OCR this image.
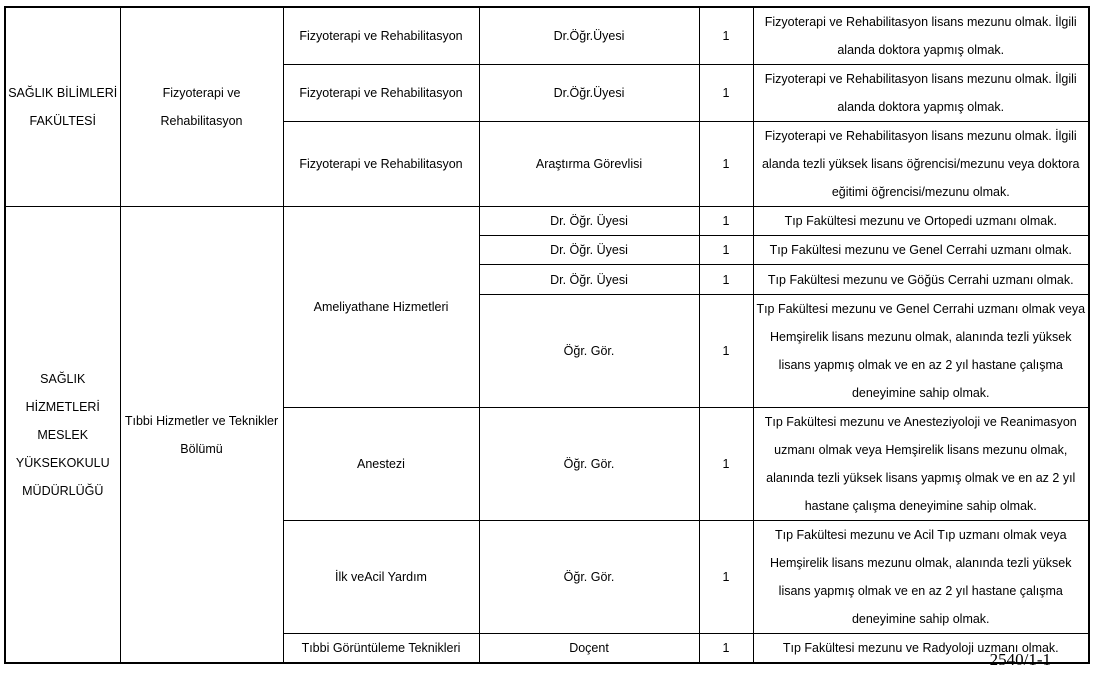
SAĞLIK BİLİMLERİ FAKÜLTESİ	Fizyoterapi ve Rehabilitasyon	Fizyoterapi ve Rehabilitasyon	Dr.Öğr.Üyesi	1	Fizyoterapi ve Rehabilitasyon lisans mezunu olmak. İlgili alanda doktora yapmış olmak.
		Fizyoterapi ve Rehabilitasyon	Dr.Öğr.Üyesi	1	Fizyoterapi ve Rehabilitasyon lisans mezunu olmak. İlgili alanda doktora yapmış olmak.
		Fizyoterapi ve Rehabilitasyon	Araştırma Görevlisi	1	Fizyoterapi ve Rehabilitasyon lisans mezunu olmak. İlgili alanda tezli yüksek lisans öğrencisi/mezunu veya doktora eğitimi öğrencisi/mezunu olmak.
SAĞLIK HİZMETLERİ MESLEK YÜKSEKOKULU MÜDÜRLÜĞÜ	Tıbbi Hizmetler ve Teknikler Bölümü	Ameliyathane Hizmetleri	Dr. Öğr. Üyesi	1	Tıp Fakültesi mezunu ve Ortopedi uzmanı olmak.
			Dr. Öğr. Üyesi	1	Tıp Fakültesi mezunu ve Genel Cerrahi uzmanı olmak.
			Dr. Öğr. Üyesi	1	Tıp Fakültesi mezunu ve Göğüs Cerrahi uzmanı olmak.
			Öğr. Gör.	1	Tıp Fakültesi mezunu ve Genel Cerrahi uzmanı olmak veya Hemşirelik lisans mezunu olmak, alanında tezli yüksek lisans yapmış olmak ve en az 2 yıl hastane çalışma deneyimine sahip olmak.
		Anestezi	Öğr. Gör.	1	Tıp Fakültesi mezunu ve Anesteziyoloji ve Reanimasyon uzmanı olmak veya Hemşirelik lisans mezunu olmak, alanında tezli yüksek lisans yapmış olmak ve en az 2 yıl hastane çalışma deneyimine sahip olmak.
		İlk veAcil Yardım	Öğr. Gör.	1	Tıp Fakültesi mezunu ve Acil Tıp uzmanı olmak veya Hemşirelik lisans mezunu olmak, alanında tezli yüksek lisans yapmış olmak ve en az 2 yıl hastane çalışma deneyimine sahip olmak.
		Tıbbi Görüntüleme Teknikleri	Doçent	1	Tıp Fakültesi mezunu ve Radyoloji uzmanı olmak.
2540/1-1
